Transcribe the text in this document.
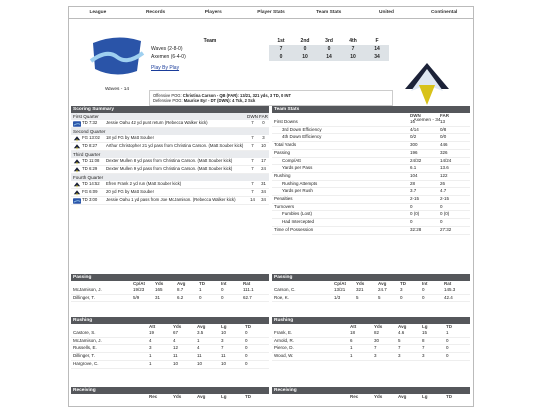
League	Records	Players	Player Stats	Team Stats	United	Continental
Waves - 14
Team	1st	2nd	3rd	4th	F
Waves (2-8-0)	7	0	0	7	14
Axemen (6-4-0)	0	10	14	10	34
Play By Play
Offensive POG: Christina Carson - QB (FAR): 13/21, 321 yds, 3 TD, 0 INT
Defensive POG: Maurice Eyr - DT (DWN): 4 Tck, 2 Sck
Axemen - 34
Scoring Summary
First Quarter	DWN FAR
TD 7:32	Jessie Oahu 42 yd punt return (Rebecca Walker kick)	7	0
Second Quarter
FG 13:02	18 yd FG by Matt Souber	7	3
TD 8:27	Arthur Christopher 21 yd pass from Christina Carson. (Matt Souber kick)	7	10
Third Quarter
TD 11:08	Dexter Mullen 8 yd pass from Christina Carson. (Matt Souber kick)	7	17
TD 6:29	Dexter Mullen 9 yd pass from Christina Carson. (Matt Souber kick)	7	24
Fourth Quarter
TD 14:52	Efren Frank 2 yd run (Matt Souber kick)	7	31
FG 6:09	20 yd FG by Matt Souber	7	34
TD 3:00	Jessie Oahu 1 yd pass from Joe McJamison. (Rebecca Walker kick)	14	34
Team Stats
DWN	FAR
First Downs	16	13
3rd Down Efficiency	4/14	0/8
4th Down Efficiency	0/2	0/0
Total Yards	300	446
Passing	196	326
Comp/Att	24/32	14/24
Yards per Pass	6.1	13.6
Rushing	104	122
Rushing Attempts	28	26
Yards per Rush	3.7	4.7
Penalties	2-15	2-15
Turnovers	0	0
Fumbles (Lost)	0 (0)	0 (0)
Had Intercepted	0	0
Time of Possession	32:28	27:32
Passing
Cp/At	Yds	Avg	TD	Int	Rat
McJamison, J.	19/23	165	8.7	1	0	111.1
Dillinger, T.	5/9	31	6.2	0	0	62.7
Passing
Cp/At	Yds	Avg	TD	Int	Rat
Carson, C.	13/21	321	24.7	3	0	145.3
Roe, K.	1/3	5	5	0	0	42.4
Rushing
Att	Yds	Avg	Lg	TD
Castore, S.	19	67	3.5	10	0
McJamison, J.	4	4	1	3	0
Russells, E.	3	12	4	7	0
Dillinger, T.	1	11	11	11	0
Hargrove, C.	1	10	10	10	0
Rushing
Att	Yds	Avg	Lg	TD
Frank, E.	18	82	4.6	15	1
Arnold, R.	6	30	5	8	0
Pierce, D.	1	7	7	7	0
Wood, W.	1	3	3	3	0
Receiving
Rec	Yds	Avg	Lg	TD
Receiving
Rec	Yds	Avg	Lg	TD
